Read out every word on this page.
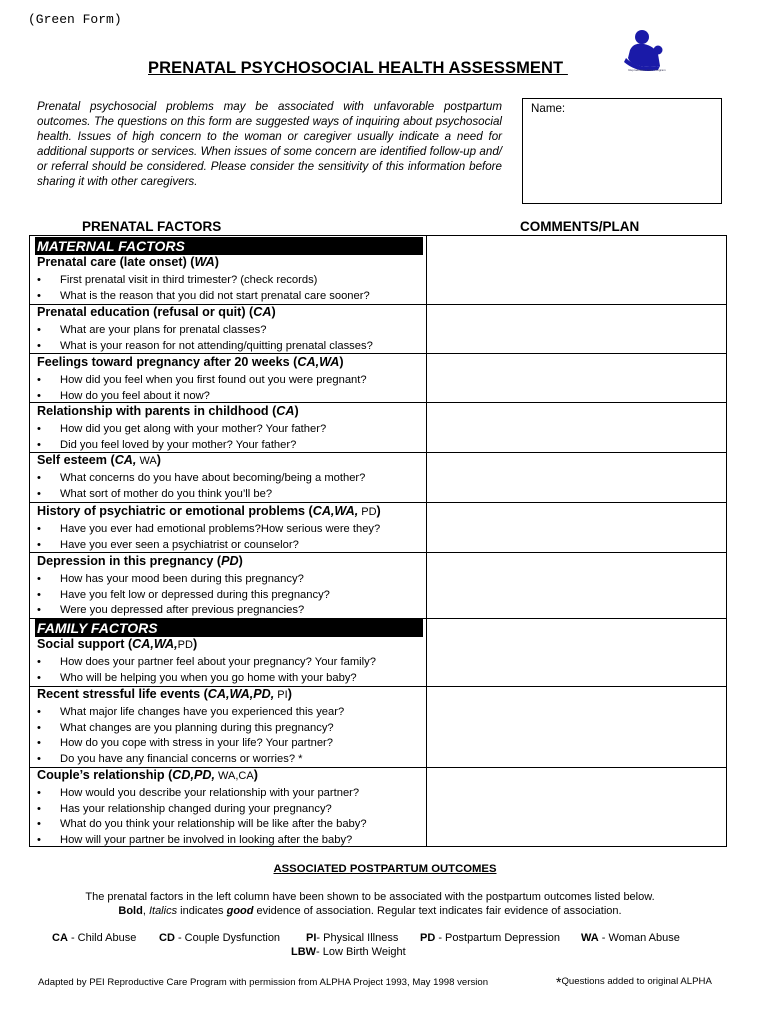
(Green Form)
PRENATAL PSYCHOSOCIAL HEALTH ASSESSMENT	Reproductive Care Program
Prenatal psychosocial problems may be associated with unfavorable postpartum outcomes. The questions on this form are suggested ways of inquiring about psychosocial health. Issues of high concern to the woman or caregiver usually indicate a need for additional supports or services. When issues of some concern are identified follow-up and/ or referral should be considered. Please consider the sensitivity of this information before sharing it with other caregivers.
Name:
PRENATAL FACTORS	COMMENTS/PLAN
MATERNAL FACTORS
Prenatal care (late onset) (WA)
• First prenatal visit in third trimester? (check records)
• What is the reason that you did not start prenatal care sooner?
Prenatal education (refusal or quit) (CA)
• What are your plans for prenatal classes?
• What is your reason for not attending/quitting prenatal classes?
Feelings toward pregnancy after 20 weeks (CA,WA)
• How did you feel when you first found out you were pregnant?
• How do you feel about it now?
Relationship with parents in childhood (CA)
• How did you get along with your mother? Your father?
• Did you feel loved by your mother? Your father?
Self esteem (CA, WA)
• What concerns do you have about becoming/being a mother?
• What sort of mother do you think you’ll be?
History of psychiatric or emotional problems (CA,WA, PD)
• Have you ever had emotional problems?How serious were they?
• Have you ever seen a psychiatrist or counselor?
Depression in this pregnancy (PD)
• How has your mood been during this pregnancy?
• Have you felt low or depressed during this pregnancy?
• Were you depressed after previous pregnancies?
FAMILY FACTORS
Social support (CA,WA,PD)
• How does your partner feel about your pregnancy? Your family?
• Who will be helping you when you go home with your baby?
Recent stressful life events (CA,WA,PD, PI)
• What major life changes have you experienced this year?
• What changes are you planning during this pregnancy?
• How do you cope with stress in your life? Your partner?
• Do you have any financial concerns or worries? *
Couple’s relationship (CD,PD, WA,CA)
• How would you describe your relationship with your partner?
• Has your relationship changed during your pregnancy?
• What do you think your relationship will be like after the baby?
• How will your partner be involved in looking after the baby?
ASSOCIATED POSTPARTUM OUTCOMES
The prenatal factors in the left column have been shown to be associated with the postpartum outcomes listed below.
Bold, Italics indicates good evidence of association. Regular text indicates fair evidence of association.
CA - Child Abuse CD - Couple Dysfunction PI- Physical Illness
LBW- Low Birth Weight
PD - Postpartum Depression WA - Woman Abuse
Adapted by PEI Reproductive Care Program with permission from ALPHA Project 1993, May 1998 version	*Questions added to original ALPHA
